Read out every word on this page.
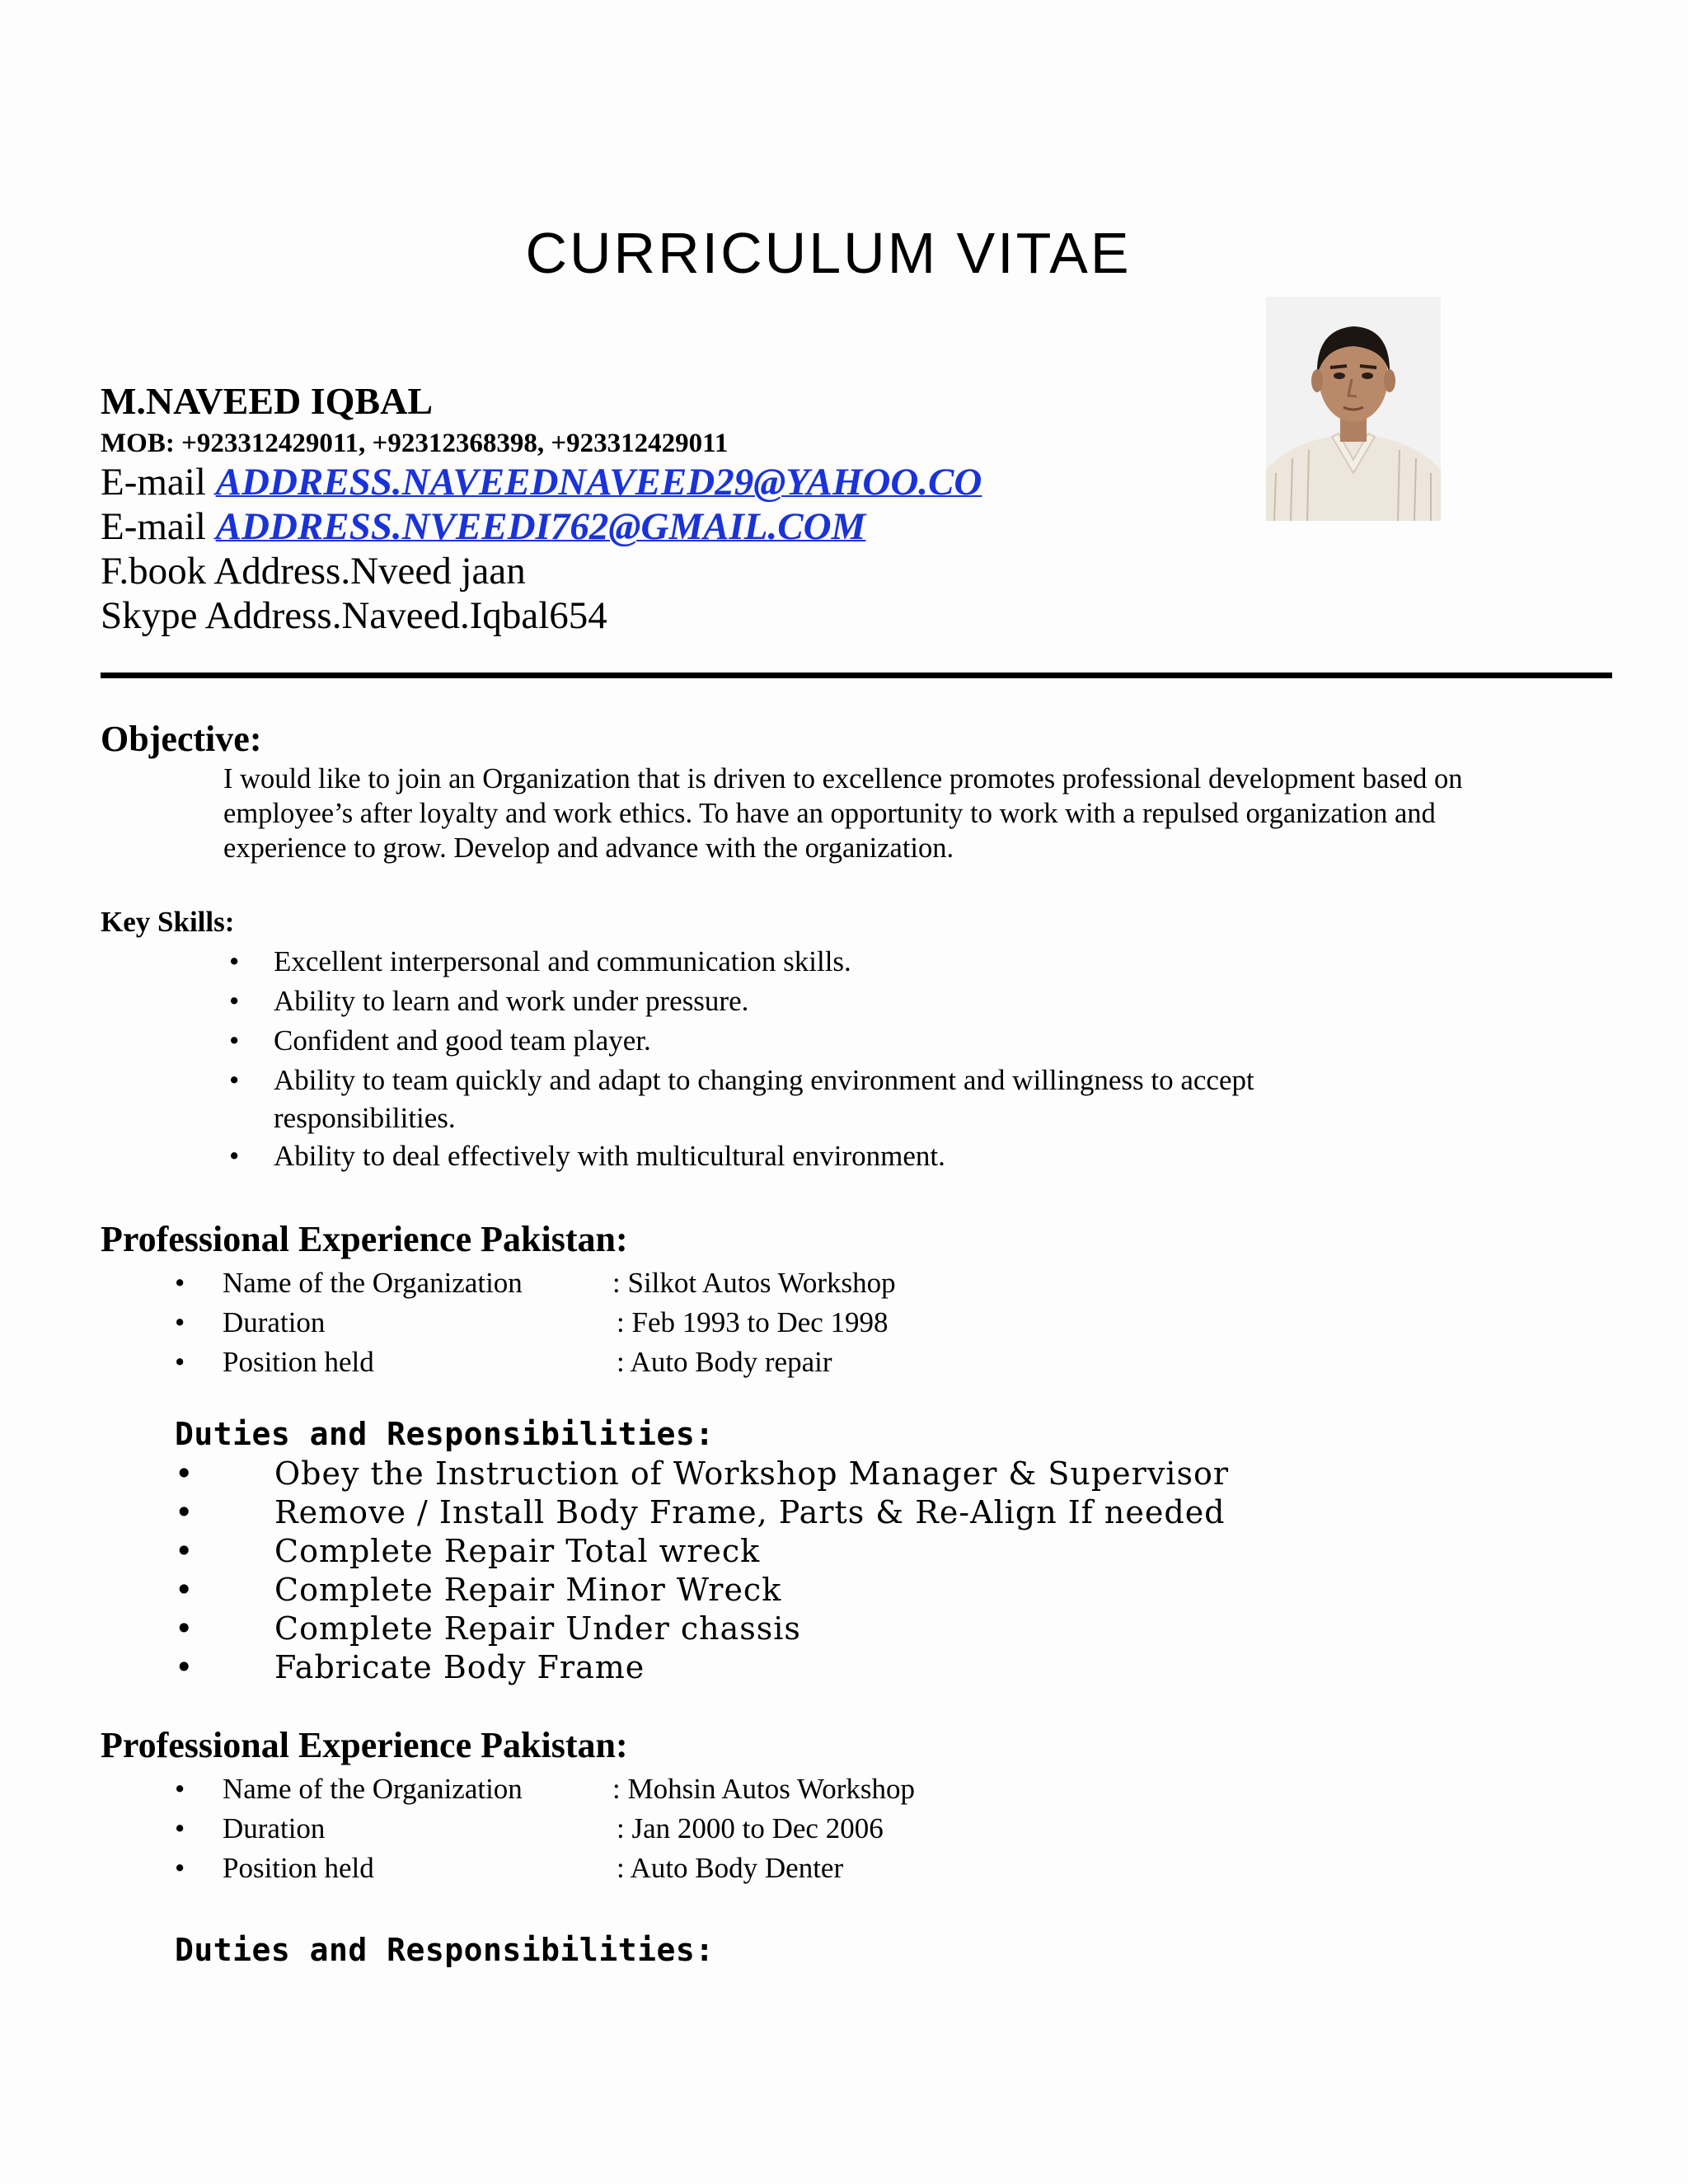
CURRICULUM VITAE
M.NAVEED IQBAL
MOB: +923312429011, +92312368398, +923312429011
E-mail ADDRESS.NAVEEDNAVEED29@YAHOO.CO
E-mail ADDRESS.NVEEDI762@GMAIL.COM
F.book Address.Nveed jaan
Skype Address.Naveed.Iqbal654
Objective:
I would like to join an Organization that is driven to excellence promotes professional development based on
employee’s after loyalty and work ethics. To have an opportunity to work with a repulsed organization and
experience to grow. Develop and advance with the organization.
Key Skills:
• Excellent interpersonal and communication skills.
• Ability to learn and work under pressure.
• Confident and good team player.
• Ability to team quickly and adapt to changing environment and willingness to accept
responsibilities.
• Ability to deal effectively with multicultural environment.
Professional Experience Pakistan:
• Name of the Organization	: Silkot Autos Workshop
• Duration	: Feb 1993 to Dec 1998
• Position held	: Auto Body repair
Duties and Responsibilities:
•	Obey the Instruction of Workshop Manager & Supervisor
•	Remove / Install Body Frame, Parts & Re-Align If needed
•	Complete Repair Total wreck
•	Complete Repair Minor Wreck
•	Complete Repair Under chassis
•	Fabricate Body Frame
Professional Experience Pakistan:
• Name of the Organization	: Mohsin Autos Workshop
• Duration	: Jan 2000 to Dec 2006
• Position held	: Auto Body Denter
Duties and Responsibilities:
